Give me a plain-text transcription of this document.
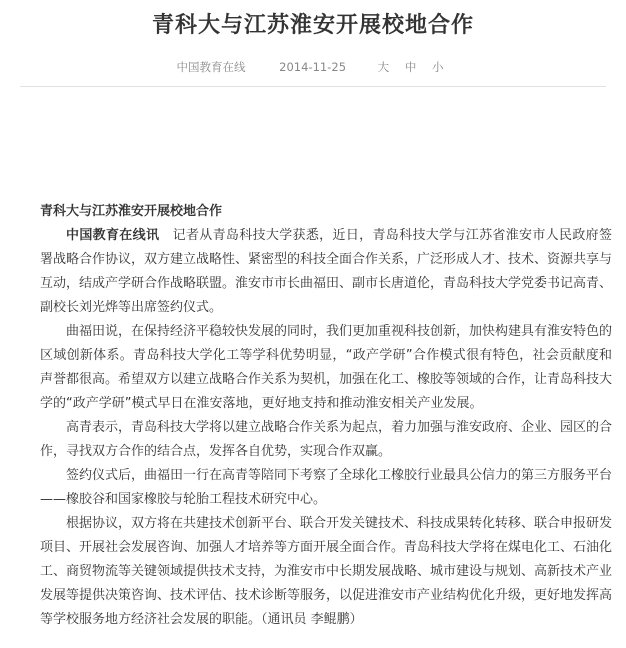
青科大与江苏淮安开展校地合作
中国教育在线	2014-11-25	大 中 小

青科大与江苏淮安开展校地合作

中国教育在线讯  记者从青岛科技大学获悉，近日，青岛科技大学与江苏省淮安市人民政府签署战略合作协议，双方建立战略性、紧密型的科技全面合作关系，广泛形成人才、技术、资源共享与互动，结成产学研合作战略联盟。淮安市市长曲福田、副市长唐道伦，青岛科技大学党委书记高青、副校长刘光烨等出席签约仪式。

曲福田说，在保持经济平稳较快发展的同时，我们更加重视科技创新，加快构建具有淮安特色的区域创新体系。青岛科技大学化工等学科优势明显，“政产学研”合作模式很有特色，社会贡献度和声誉都很高。希望双方以建立战略合作关系为契机，加强在化工、橡胶等领域的合作，让青岛科技大学的“政产学研”模式早日在淮安落地，更好地支持和推动淮安相关产业发展。

高青表示，青岛科技大学将以建立战略合作关系为起点，着力加强与淮安政府、企业、园区的合作，寻找双方合作的结合点，发挥各自优势，实现合作双赢。

签约仪式后，曲福田一行在高青等陪同下考察了全球化工橡胶行业最具公信力的第三方服务平台——橡胶谷和国家橡胶与轮胎工程技术研究中心。

根据协议，双方将在共建技术创新平台、联合开发关键技术、科技成果转化转移、联合申报研发项目、开展社会发展咨询、加强人才培养等方面开展全面合作。青岛科技大学将在煤电化工、石油化工、商贸物流等关键领域提供技术支持，为淮安市中长期发展战略、城市建设与规划、高新技术产业发展等提供决策咨询、技术评估、技术诊断等服务，以促进淮安市产业结构优化升级，更好地发挥高等学校服务地方经济社会发展的职能。（通讯员 李鲲鹏）
